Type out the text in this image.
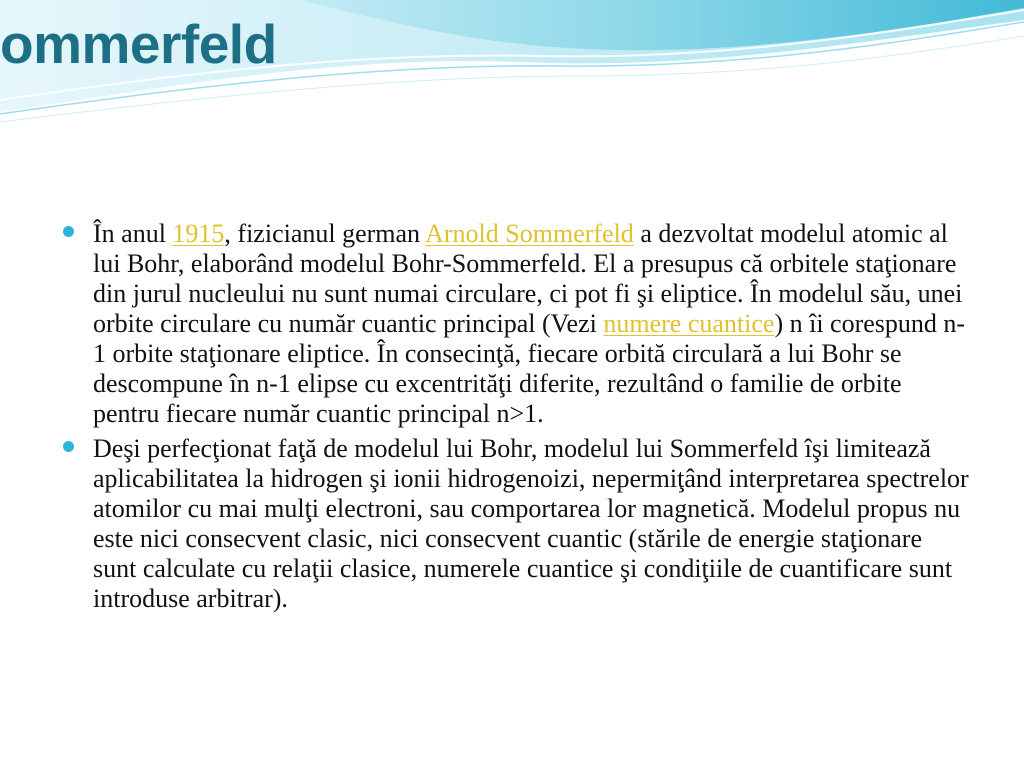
ommerfeld
În anul 1915, fizicianul german Arnold Sommerfeld a dezvoltat modelul atomic al lui Bohr, elaborând modelul Bohr-Sommerfeld. El a presupus că orbitele staţionare din jurul nucleului nu sunt numai circulare, ci pot fi şi eliptice. În modelul său, unei orbite circulare cu număr cuantic principal (Vezi numere cuantice) n îi corespund n-1 orbite staţionare eliptice. În consecinţă, fiecare orbită circulară a lui Bohr se descompune în n-1 elipse cu excentrităţi diferite, rezultând o familie de orbite pentru fiecare număr cuantic principal n>1.
Deşi perfecţionat faţă de modelul lui Bohr, modelul lui Sommerfeld îşi limitează aplicabilitatea la hidrogen şi ionii hidrogenoizi, nepermiţând interpretarea spectrelor atomilor cu mai mulţi electroni, sau comportarea lor magnetică. Modelul propus nu este nici consecvent clasic, nici consecvent cuantic (stările de energie staţionare sunt calculate cu relaţii clasice, numerele cuantice şi condiţiile de cuantificare sunt introduse arbitrar).
